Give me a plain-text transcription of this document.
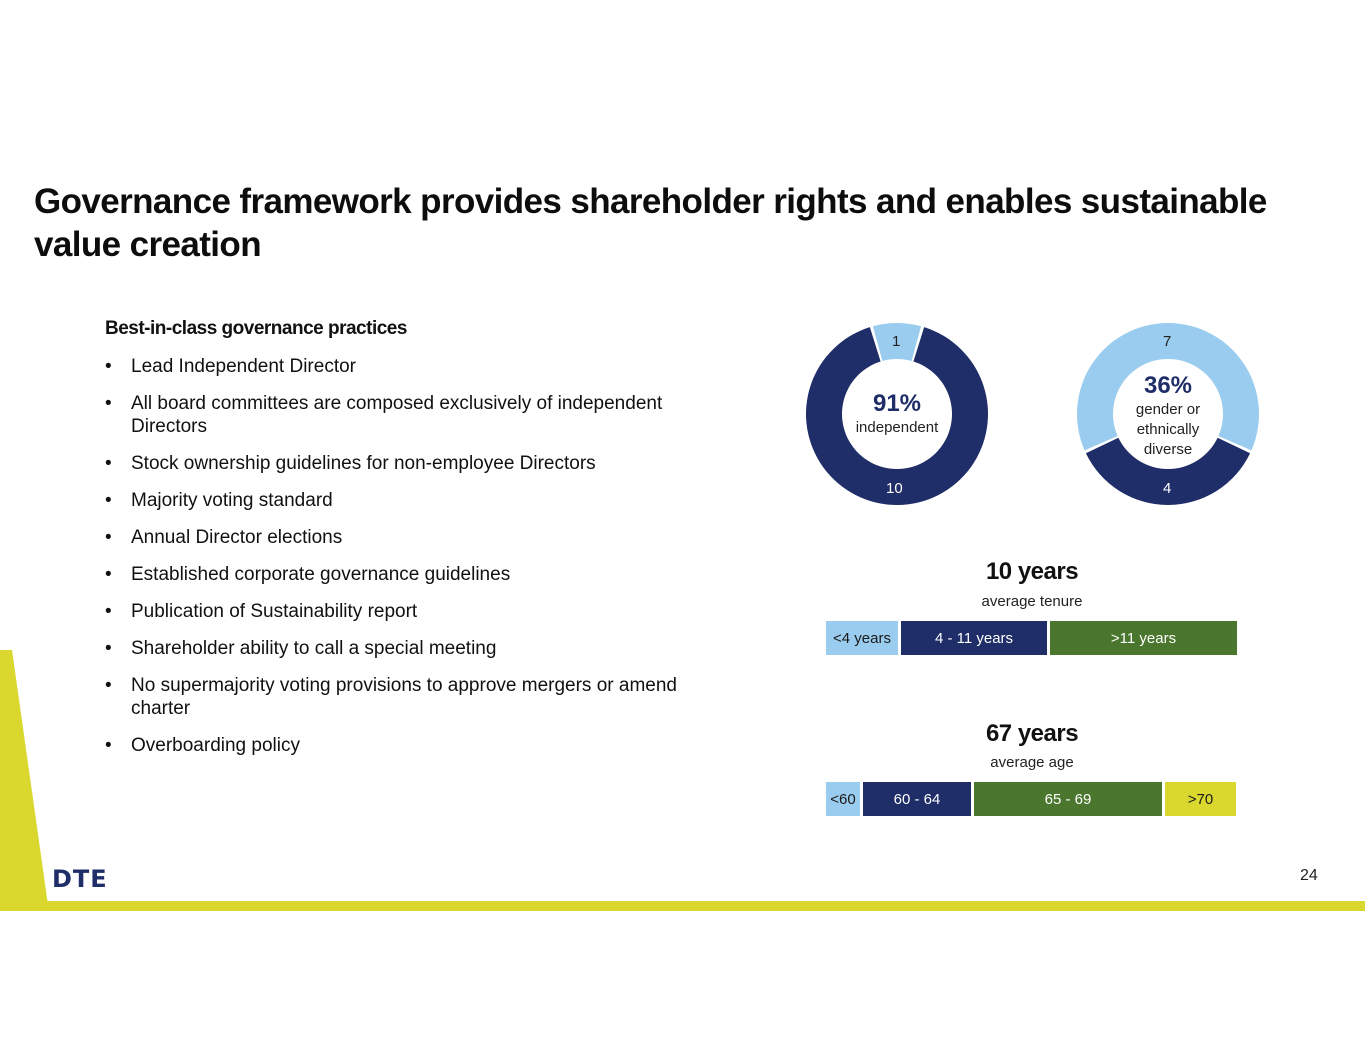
Governance framework provides shareholder rights and enables sustainable value creation
Best-in-class governance practices
• Lead Independent Director
• All board committees are composed exclusively of independent Directors
• Stock ownership guidelines for non-employee Directors
• Majority voting standard
• Annual Director elections
• Established corporate governance guidelines
• Publication of Sustainability report
• Shareholder ability to call a special meeting
• No supermajority voting provisions to approve mergers or amend charter
• Overboarding policy
91%
independent
1
10
36%
gender or
ethnically
diverse
7
4
10 years
average tenure
<4 years	4 - 11 years	>11 years
67 years
average age
<60	60 - 64	65 - 69	>70
DTE	24
